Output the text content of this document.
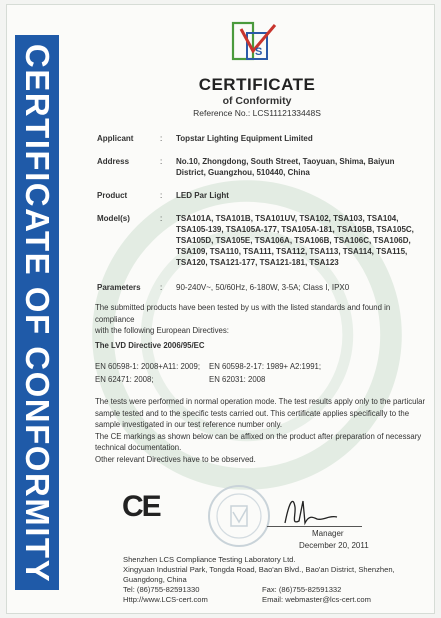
CERTIFICATE OF CONFORMITY	S
CERTIFICATE
of Conformity
Reference No.: LCS1112133448S
Applicant	: Topstar Lighting Equipment Limited
Address	: No.10, Zhongdong, South Street, Taoyuan, Shima, Baiyun
District, Guangzhou, 510440, China
Product	: LED Par Light
Model(s)	: TSA101A, TSA101B, TSA101UV, TSA102, TSA103, TSA104,
TSA105-139, TSA105A-177, TSA105A-181, TSA105B, TSA105C,
TSA105D, TSA105E, TSA106A, TSA106B, TSA106C, TSA106D,
TSA109, TSA110, TSA111, TSA112, TSA113, TSA114, TSA115,
TSA120, TSA121-177, TSA121-181, TSA123
Parameters : 90-240V~, 50/60Hz, 6-180W, 3-5A; Class I, IPX0
The submitted products have been tested by us with the listed standards and found in compliance
with the following European Directives:
The LVD Directive 2006/95/EC
EN 60598-1: 2008+A11: 2009; EN 60598-2-17: 1989+ A2:1991;
EN 62471: 2008;	EN 62031: 2008
The tests were performed in normal operation mode. The test results apply only to the particular
sample tested and to the specific tests carried out. This certificate applies specifically to the
sample investigated in our test reference number only.
The CE markings as shown below can be affixed on the product after preparation of necessary
technical documentation.
Other relevant Directives have to be observed.
CE
Manager
December 20, 2011
Shenzhen LCS Compliance Testing Laboratory Ltd.
Xingyuan Industrial Park, Tongda Road, Bao'an Blvd., Bao'an District, Shenzhen,
Guangdong, China
Tel: (86)755-82591330	Fax: (86)755-82591332
Http://www.LCS-cert.com	Email: webmaster@lcs-cert.com
